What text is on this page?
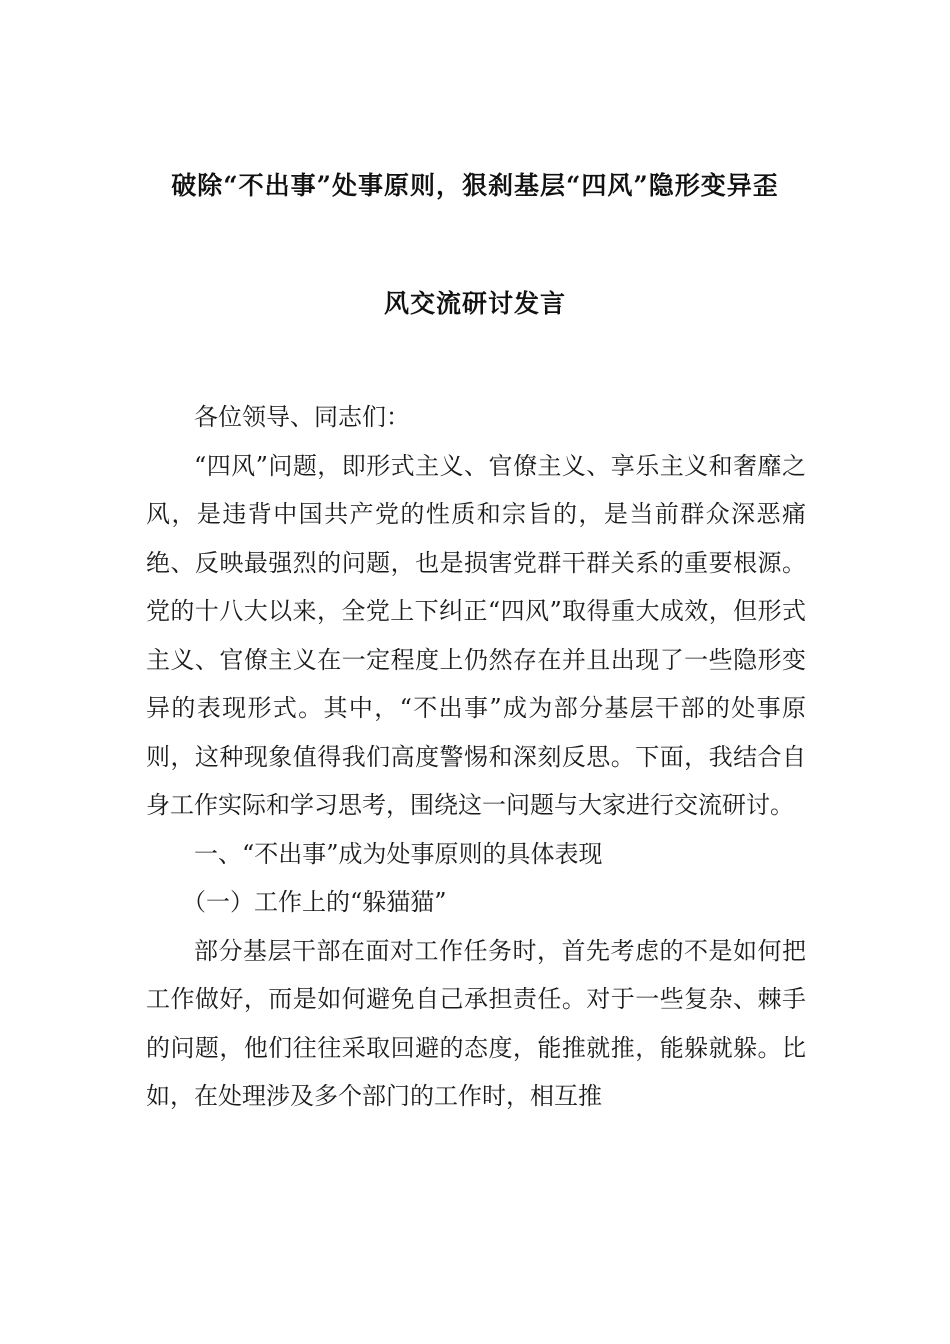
破除“不出事”处事原则，狠刹基层“四风”隐形变异歪
风交流研讨发言

各位领导、同志们：

“四风”问题，即形式主义、官僚主义、享乐主义和奢靡之风，是违背中国共产党的性质和宗旨的，是当前群众深恶痛绝、反映最强烈的问题，也是损害党群干群关系的重要根源。党的十八大以来，全党上下纠正“四风”取得重大成效，但形式主义、官僚主义在一定程度上仍然存在并且出现了一些隐形变异的表现形式。其中，“不出事”成为部分基层干部的处事原则，这种现象值得我们高度警惕和深刻反思。下面，我结合自身工作实际和学习思考，围绕这一问题与大家进行交流研讨。

一、“不出事”成为处事原则的具体表现

（一）工作上的“躲猫猫”

部分基层干部在面对工作任务时，首先考虑的不是如何把工作做好，而是如何避免自己承担责任。对于一些复杂、棘手的问题，他们往往采取回避的态度，能推就推，能躲就躲。比如，在处理涉及多个部门的工作时，相互推
